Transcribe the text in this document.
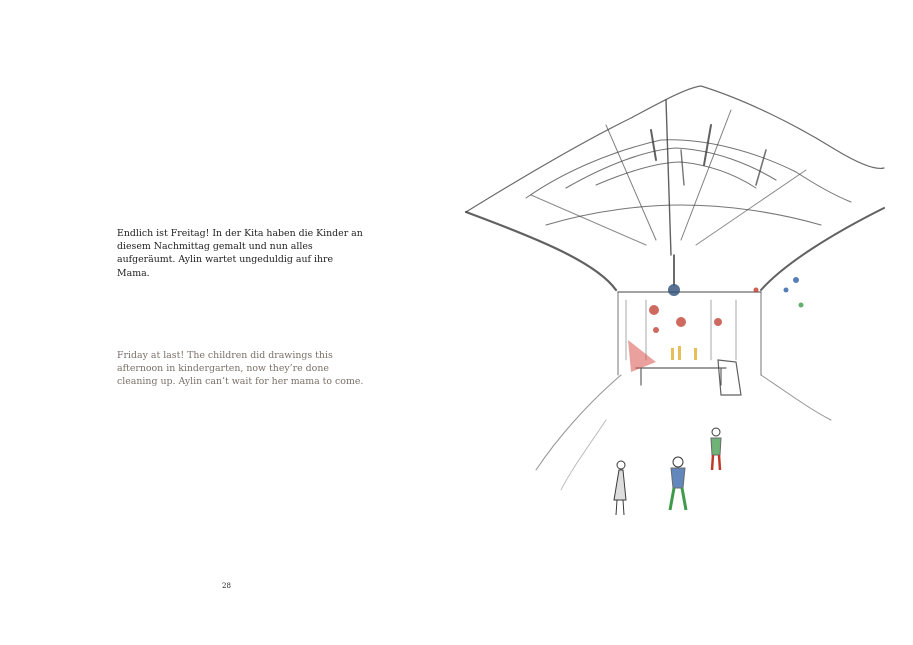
Endlich ist Freitag! In der Kita haben die Kinder an diesem Nachmittag gemalt und nun alles aufgeräumt. Aylin wartet ungeduldig auf ihre Mama.

Friday at last! The children did drawings this afternoon in kindergarten, now they’re done cleaning up. Aylin can’t wait for her mama to come.

28
